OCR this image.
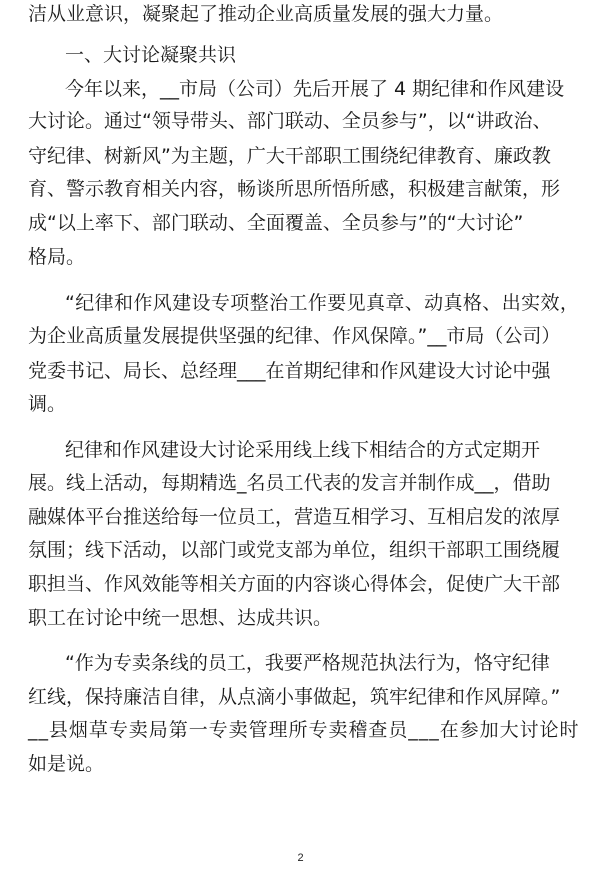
洁从业意识，凝聚起了推动企业高质量发展的强大力量。
一、大讨论凝聚共识
今年以来，__市局（公司）先后开展了 4 期纪律和作风建设
大讨论。通过“领导带头、部门联动、全员参与”，以“讲政治、
守纪律、树新风”为主题，广大干部职工围绕纪律教育、廉政教
育、警示教育相关内容，畅谈所思所悟所感，积极建言献策，形
成“以上率下、部门联动、全面覆盖、全员参与”的“大讨论”
格局。
“纪律和作风建设专项整治工作要见真章、动真格、出实效，
为企业高质量发展提供坚强的纪律、作风保障。”__市局（公司）
党委书记、局长、总经理___在首期纪律和作风建设大讨论中强
调。
纪律和作风建设大讨论采用线上线下相结合的方式定期开
展。线上活动，每期精选_名员工代表的发言并制作成__，借助
融媒体平台推送给每一位员工，营造互相学习、互相启发的浓厚
氛围；线下活动，以部门或党支部为单位，组织干部职工围绕履
职担当、作风效能等相关方面的内容谈心得体会，促使广大干部
职工在讨论中统一思想、达成共识。
“作为专卖条线的员工，我要严格规范执法行为，恪守纪律
红线，保持廉洁自律，从点滴小事做起，筑牢纪律和作风屏障。”
__县烟草专卖局第一专卖管理所专卖稽查员___在参加大讨论时
如是说。
2
